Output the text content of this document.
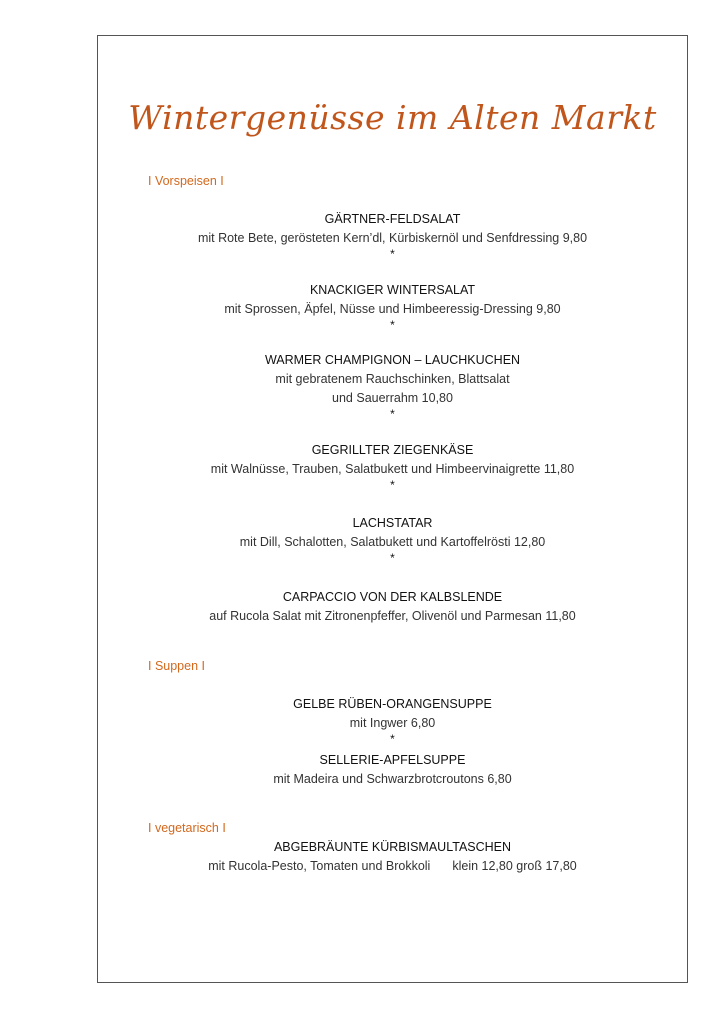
Wintergenüsse im Alten Markt
I Vorspeisen I
GÄRTNER-FELDSALAT
mit Rote Bete, gerösteten Kern’dl, Kürbiskernöl und Senfdressing 9,80
*
KNACKIGER WINTERSALAT
mit Sprossen, Äpfel, Nüsse und Himbeeressig-Dressing 9,80
*
WARMER CHAMPIGNON – LAUCHKUCHEN
mit gebratenem Rauchschinken, Blattsalat
und Sauerrahm 10,80
*
GEGRILLTER ZIEGENKÄSE
mit Walnüsse, Trauben, Salatbukett und Himbeervinaigrette 11,80
*
LACHSTATAR
mit Dill, Schalotten, Salatbukett und Kartoffelrösti 12,80
*
CARPACCIO VON DER KALBSLENDE
auf Rucola Salat mit Zitronenpfeffer, Olivenöl und Parmesan 11,80
I Suppen I
GELBE RÜBEN-ORANGENSUPPE
mit Ingwer 6,80
*
SELLERIE-APFELSUPPE
mit Madeira und Schwarzbrotcroutons 6,80
I vegetarisch I
ABGEBRÄUNTE KÜRBISMAULTASCHEN
mit Rucola-Pesto, Tomaten und Brokkoli klein 12,80 groß 17,80
